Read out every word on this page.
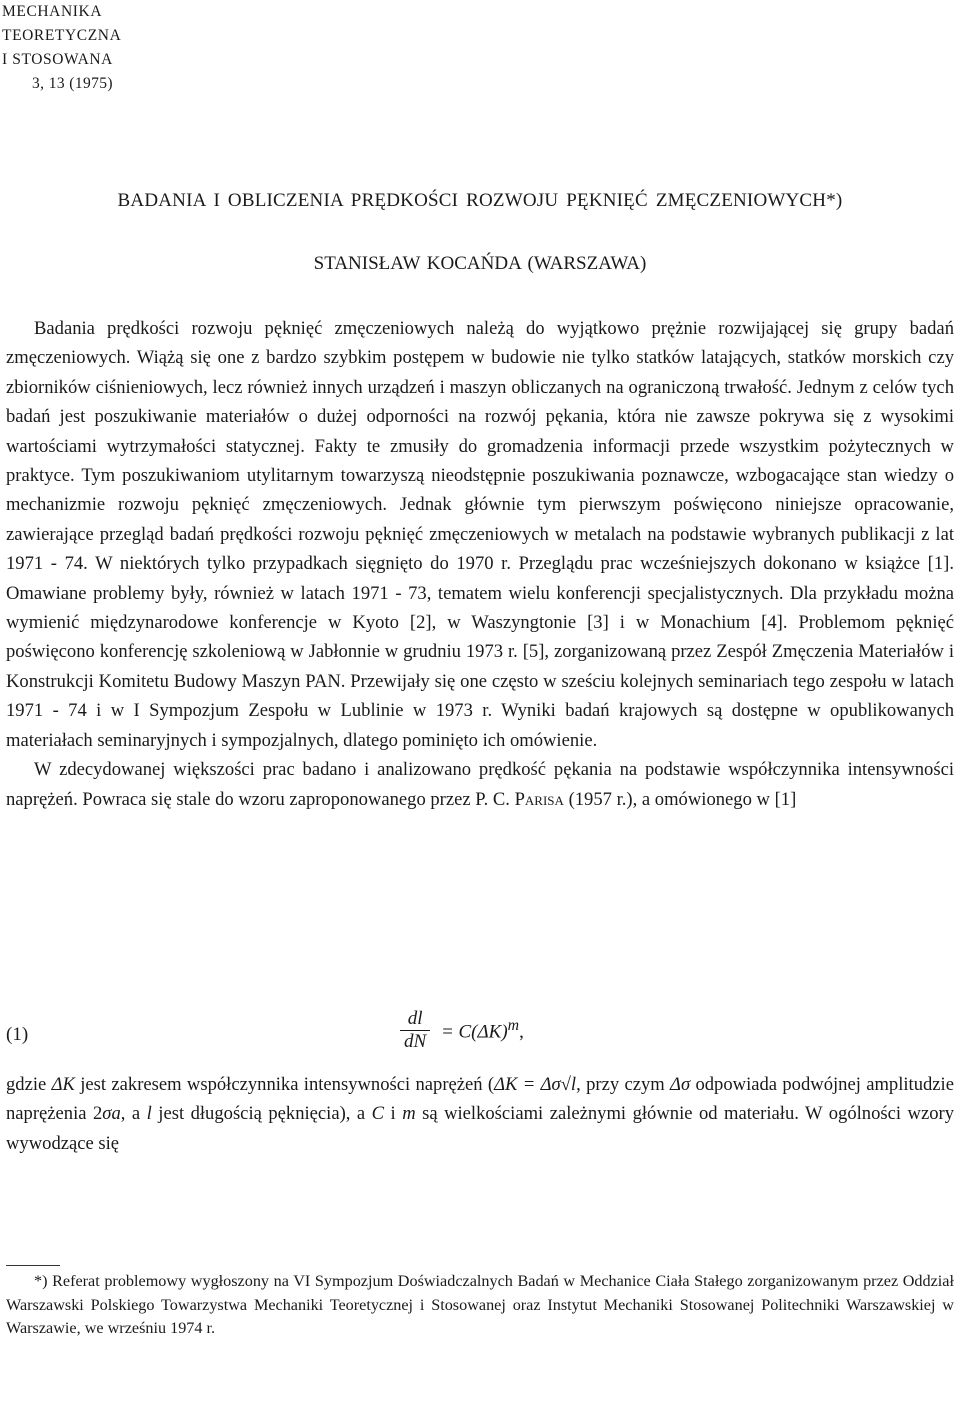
MECHANIKA
TEORETYCZNA
I STOSOWANA
3, 13 (1975)
BADANIA I OBLICZENIA PRĘDKOŚCI ROZWOJU PĘKNIĘĆ ZMĘCZENIOWYCH*)
STANISŁAW KOCAŃDA (WARSZAWA)

Badania prędkości rozwoju pęknięć zmęczeniowych należą do wyjątkowo prężnie rozwijającej się grupy badań zmęczeniowych. Wiążą się one z bardzo szybkim postępem w budowie nie tylko statków latających, statków morskich czy zbiorników ciśnieniowych, lecz również innych urządzeń i maszyn obliczanych na ograniczoną trwałość. Jednym z celów tych badań jest poszukiwanie materiałów o dużej odporności na rozwój pękania, która nie zawsze pokrywa się z wysokimi wartościami wytrzymałości statycznej. Fakty te zmusiły do gromadzenia informacji przede wszystkim pożytecznych w praktyce. Tym poszukiwaniom utylitarnym towarzyszą nieodstępnie poszukiwania poznawcze, wzbogacające stan wiedzy o mechanizmie rozwoju pęknięć zmęczeniowych. Jednak głównie tym pierwszym poświęcono niniejsze opracowanie, zawierające przegląd badań prędkości rozwoju pęknięć zmęczeniowych w metalach na podstawie wybranych publikacji z lat 1971 - 74. W niektórych tylko przypadkach sięgnięto do 1970 r. Przeglądu prac wcześniejszych dokonano w książce [1]. Omawiane problemy były, również w latach 1971 - 73, tematem wielu konferencji specjalistycznych. Dla przykładu można wymienić międzynarodowe konferencje w Kyoto [2], w Waszyngtonie [3] i w Monachium [4]. Problemom pęknięć poświęcono konferencję szkoleniową w Jabłonnie w grudniu 1973 r. [5], zorganizowaną przez Zespół Zmęczenia Materiałów i Konstrukcji Komitetu Budowy Maszyn PAN. Przewijały się one często w sześciu kolejnych seminariach tego zespołu w latach 1971 - 74 i w I Sympozjum Zespołu w Lublinie w 1973 r. Wyniki badań krajowych są dostępne w opublikowanych materiałach seminaryjnych i sympozjalnych, dlatego pominięto ich omówienie.

W zdecydowanej większości prac badano i analizowano prędkość pękania na podstawie współczynnika intensywności naprężeń. Powraca się stale do wzoru zaproponowanego przez P. C. Parisa (1957 r.), a omówionego w [1]

(1)	$\frac{dl}{dN} = C(\Delta K)^m$,

gdzie ΔK jest zakresem współczynnika intensywności naprężeń (ΔK = Δσ√l, przy czym Δσ odpowiada podwójnej amplitudzie naprężenia 2σa, a l jest długością pęknięcia), a C i m są wielkościami zależnymi głównie od materiału. W ogólności wzory wywodzące się

*) Referat problemowy wygłoszony na VI Sympozjum Doświadczalnych Badań w Mechanice Ciała Stałego zorganizowanym przez Oddział Warszawski Polskiego Towarzystwa Mechaniki Teoretycznej i Stosowanej oraz Instytut Mechaniki Stosowanej Politechniki Warszawskiej w Warszawie, we wrześniu 1974 r.
